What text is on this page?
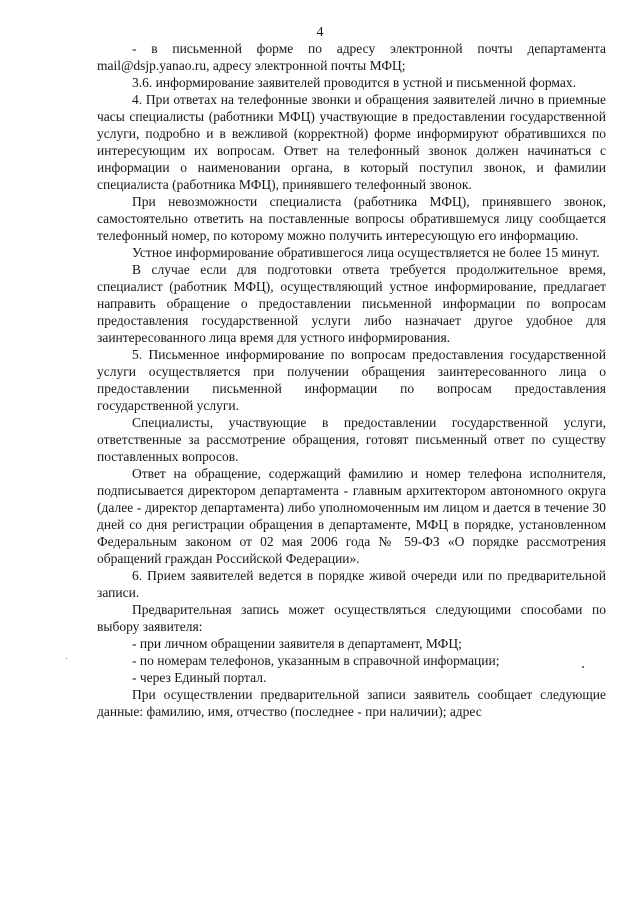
4

- в письменной форме по адресу электронной почты департамента mail@dsjp.yanao.ru, адресу электронной почты МФЦ;

3.6. информирование заявителей проводится в устной и письменной формах.

4. При ответах на телефонные звонки и обращения заявителей лично в приемные часы специалисты (работники МФЦ) участвующие в предоставлении государственной услуги, подробно и в вежливой (корректной) форме информируют обратившихся по интересующим их вопросам. Ответ на телефонный звонок должен начинаться с информации о наименовании органа, в который поступил звонок, и фамилии специалиста (работника МФЦ), принявшего телефонный звонок.

При невозможности специалиста (работника МФЦ), принявшего звонок, самостоятельно ответить на поставленные вопросы обратившемуся лицу сообщается телефонный номер, по которому можно получить интересующую его информацию.

Устное информирование обратившегося лица осуществляется не более 15 минут.

В случае если для подготовки ответа требуется продолжительное время, специалист (работник МФЦ), осуществляющий устное информирование, предлагает направить обращение о предоставлении письменной информации по вопросам предоставления государственной услуги либо назначает другое удобное для заинтересованного лица время для устного информирования.

5. Письменное информирование по вопросам предоставления государственной услуги осуществляется при получении обращения заинтересованного лица о предоставлении письменной информации по вопросам предоставления государственной услуги.

Специалисты, участвующие в предоставлении государственной услуги, ответственные за рассмотрение обращения, готовят письменный ответ по существу поставленных вопросов.

Ответ на обращение, содержащий фамилию и номер телефона исполнителя, подписывается директором департамента - главным архитектором автономного округа (далее - директор департамента) либо уполномоченным им лицом и дается в течение 30 дней со дня регистрации обращения в департаменте, МФЦ в порядке, установленном Федеральным законом от 02 мая 2006 года № 59-ФЗ «О порядке рассмотрения обращений граждан Российской Федерации».

6. Прием заявителей ведется в порядке живой очереди или по предварительной записи.

Предварительная запись может осуществляться следующими способами по выбору заявителя:

- при личном обращении заявителя в департамент, МФЦ;

- по номерам телефонов, указанным в справочной информации;

- через Единый портал.

При осуществлении предварительной записи заявитель сообщает следующие данные: фамилию, имя, отчество (последнее - при наличии); адрес
